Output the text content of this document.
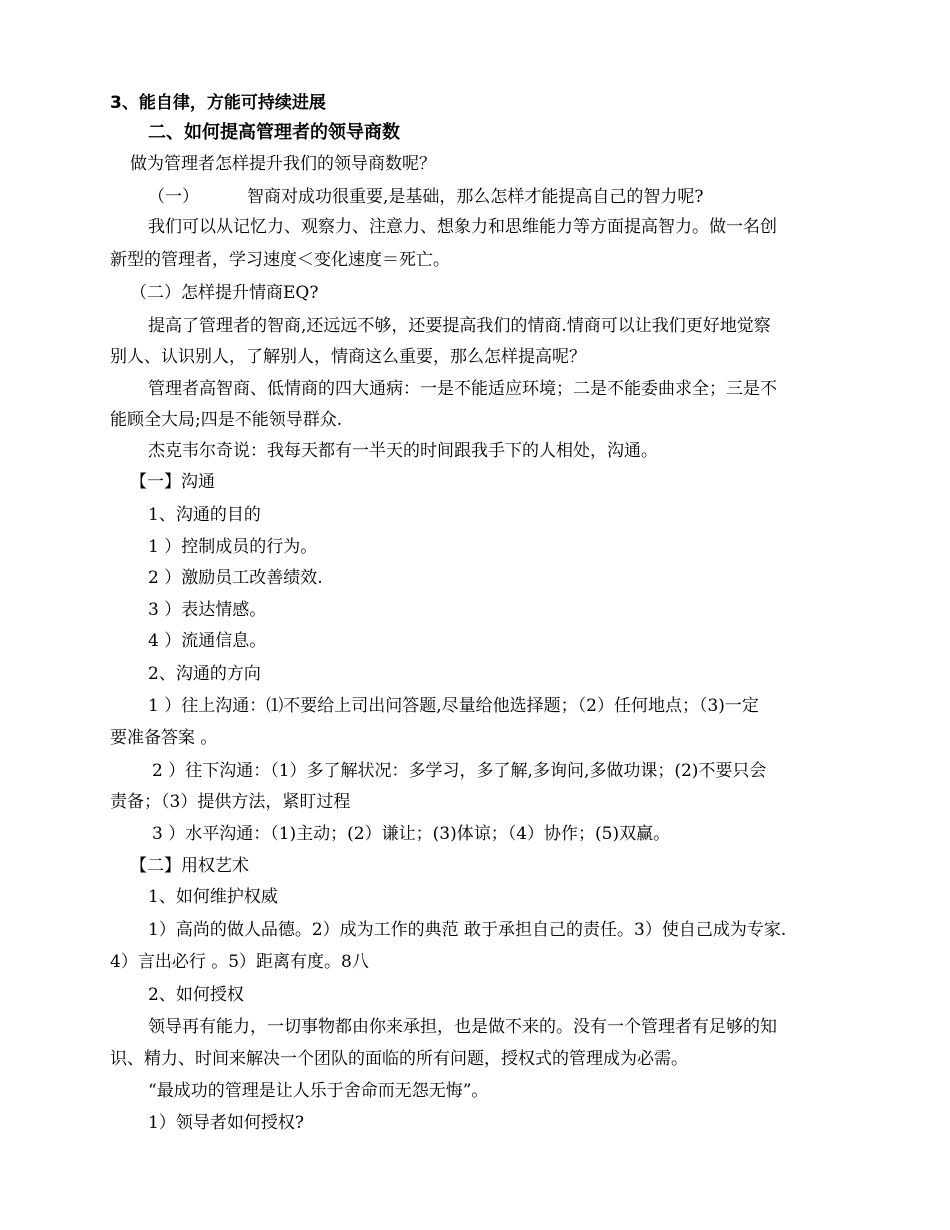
3、能自律，方能可持续进展
二、如何提高管理者的领导商数
做为管理者怎样提升我们的领导商数呢？
（一）	智商对成功很重要,是基础，那么怎样才能提高自己的智力呢?
我们可以从记忆力、观察力、注意力、想象力和思维能力等方面提高智力。做一名创
新型的管理者，学习速度＜变化速度＝死亡。
（二）怎样提升情商EQ?
提高了管理者的智商,还远远不够，还要提高我们的情商.情商可以让我们更好地觉察
别人、认识别人，了解别人，情商这么重要，那么怎样提高呢？
管理者高智商、低情商的四大通病：一是不能适应环境；二是不能委曲求全；三是不
能顾全大局;四是不能领导群众.
杰克韦尔奇说：我每天都有一半天的时间跟我手下的人相处，沟通。
【一】沟通
1、沟通的目的
1 ）控制成员的行为。
2 ）激励员工改善绩效.
3 ）表达情感。
4 ）流通信息。
2、沟通的方向
1 ）往上沟通：⑴不要给上司出问答题,尽量给他选择题；（2）任何地点；（3)一定
要准备答案 。
2 ）往下沟通：（1）多了解状况：多学习，多了解,多询问,多做功课；(2)不要只会
责备；（3）提供方法，紧盯过程
3 ）水平沟通：（1)主动；(2）谦让；(3)体谅；（4）协作；(5)双赢。
【二】用权艺术
1、如何维护权威
1）高尚的做人品德。2）成为工作的典范 敢于承担自己的责任。3）使自己成为专家.
4）言出必行 。5）距离有度。8八
2、如何授权
领导再有能力，一切事物都由你来承担，也是做不来的。没有一个管理者有足够的知
识、精力、时间来解决一个团队的面临的所有问题，授权式的管理成为必需。
“最成功的管理是让人乐于舍命而无怨无悔”。
1）领导者如何授权?
